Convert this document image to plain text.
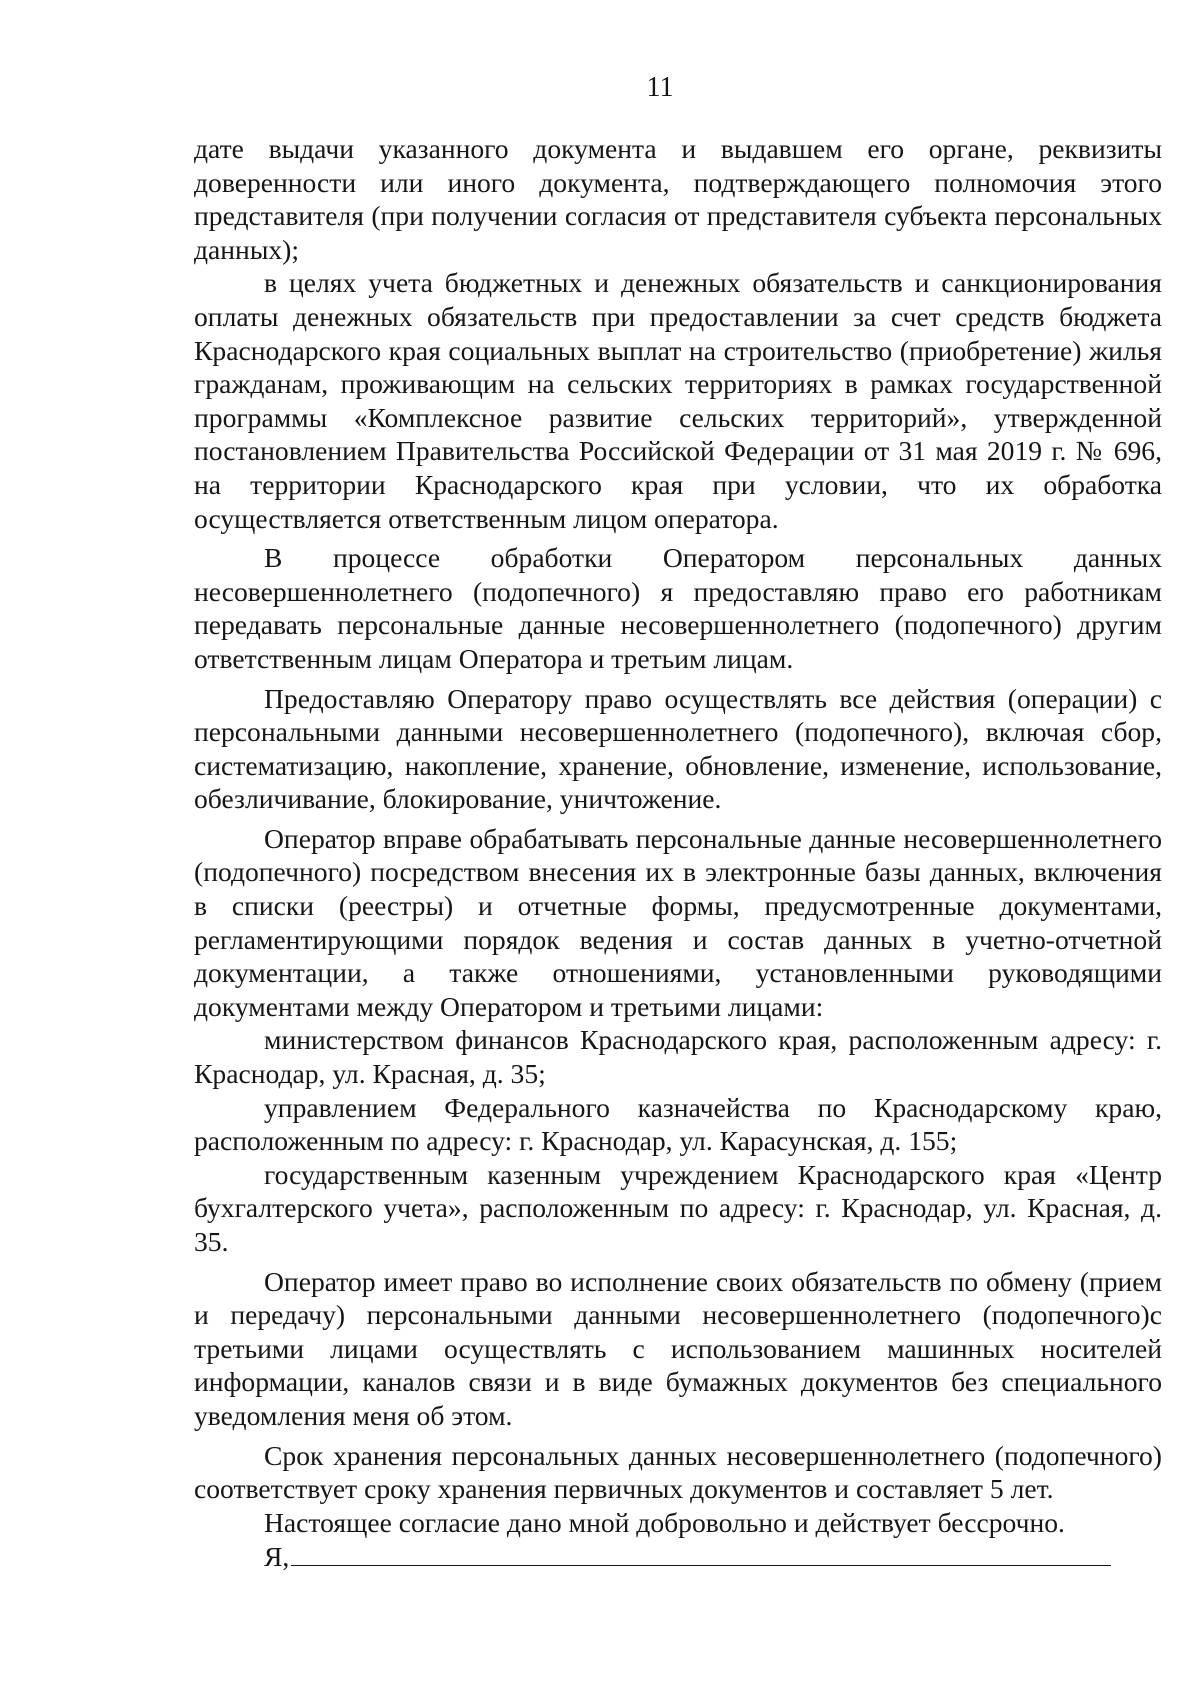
11

дате выдачи указанного документа и выдавшем его органе, реквизиты доверенности или иного документа, подтверждающего полномочия этого представителя (при получении согласия от представителя субъекта персональных данных);

в целях учета бюджетных и денежных обязательств и санкционирования оплаты денежных обязательств при предоставлении за счет средств бюджета Краснодарского края социальных выплат на строительство (приобретение) жилья гражданам, проживающим на сельских территориях в рамках государственной программы «Комплексное развитие сельских территорий», утвержденной постановлением Правительства Российской Федерации от 31 мая 2019 г. № 696, на территории Краснодарского края при условии, что их обработка осуществляется ответственным лицом оператора.

В процессе обработки Оператором персональных данных несовершеннолетнего (подопечного) я предоставляю право его работникам передавать персональные данные несовершеннолетнего (подопечного) другим ответственным лицам Оператора и третьим лицам.

Предоставляю Оператору право осуществлять все действия (операции) с персональными данными несовершеннолетнего (подопечного), включая сбор, систематизацию, накопление, хранение, обновление, изменение, использование, обезличивание, блокирование, уничтожение.

Оператор вправе обрабатывать персональные данные несовершеннолетнего (подопечного) посредством внесения их в электронные базы данных, включения в списки (реестры) и отчетные формы, предусмотренные документами, регламентирующими порядок ведения и состав данных в учетно-отчетной документации, а также отношениями, установленными руководящими документами между Оператором и третьими лицами:

министерством финансов Краснодарского края, расположенным адресу: г. Краснодар, ул. Красная, д. 35;

управлением Федерального казначейства по Краснодарскому краю, расположенным по адресу: г. Краснодар, ул. Карасунская, д. 155;

государственным казенным учреждением Краснодарского края «Центр бухгалтерского учета», расположенным по адресу: г. Краснодар, ул. Красная, д. 35.

Оператор имеет право во исполнение своих обязательств по обмену (прием и передачу) персональными данными несовершеннолетнего (подопечного)с третьими лицами осуществлять с использованием машинных носителей информации, каналов связи и в виде бумажных документов без специального уведомления меня об этом.

Срок хранения персональных данных несовершеннолетнего (подопечного) соответствует сроку хранения первичных документов и составляет 5 лет.

Настоящее согласие дано мной добровольно и действует бессрочно.

Я,
